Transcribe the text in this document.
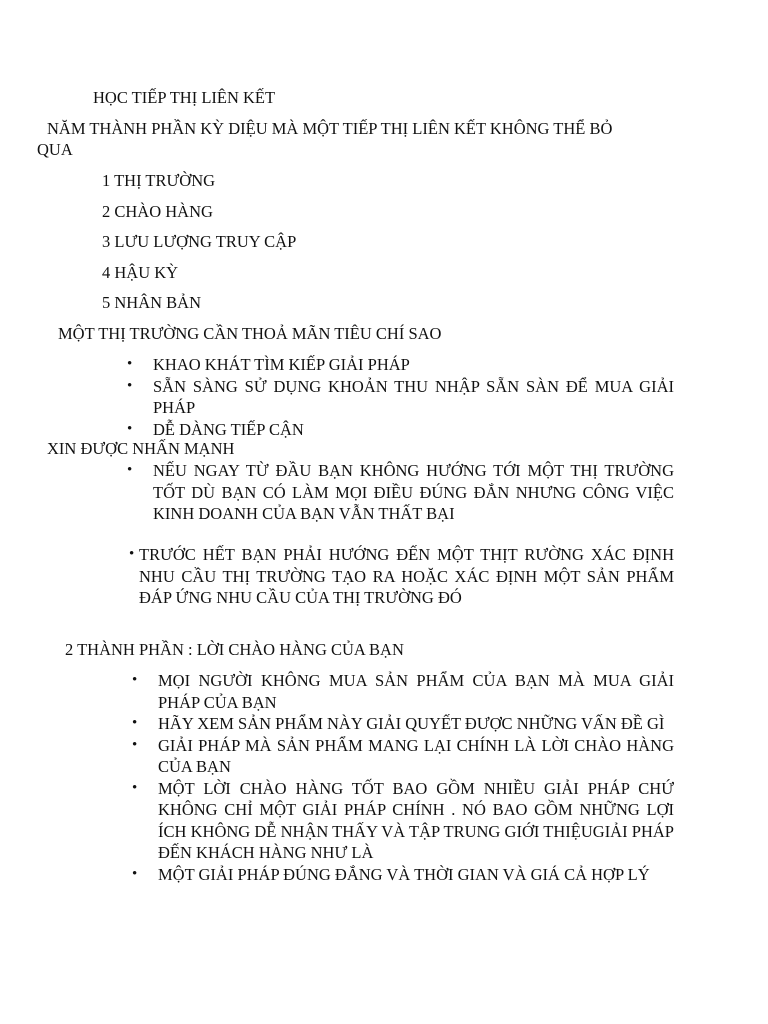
HỌC TIẾP THỊ LIÊN KẾT
NĂM THÀNH PHẦN KỲ DIỆU MÀ MỘT TIẾP THỊ LIÊN KẾT KHÔNG THỂ BỎ
QUA
1 THỊ TRƯỜNG
2 CHÀO HÀNG
3 LƯU LƯỢNG TRUY CẬP
4 HẬU KỲ
5 NHÂN BẢN
MỘT THỊ TRƯỜNG CẦN THOẢ MÃN TIÊU CHÍ SAO
• KHAO KHÁT TÌM KIẾP GIẢI PHÁP
• SẴN SÀNG SỬ DỤNG KHOẢN THU NHẬP SẴN SÀN ĐỂ MUA GIẢI PHÁP
• DỄ DÀNG TIẾP CẬN
XIN ĐƯỢC NHẤN MẠNH
• NẾU NGAY TỪ ĐẦU BẠN KHÔNG HƯỚNG TỚI MỘT THỊ TRƯỜNG TỐT DÙ BẠN CÓ LÀM MỌI ĐIỀU ĐÚNG ĐẮN NHƯNG CÔNG VIỆC KINH DOANH CỦA BẠN VẪN THẤT BẠI
• TRƯỚC HẾT BẠN PHẢI HƯỚNG ĐẾN MỘT THỊT RƯỜNG XÁC ĐỊNH NHU CẦU THỊ TRƯỜNG TẠO RA HOẶC XÁC ĐỊNH MỘT SẢN PHẨM ĐÁP ỨNG NHU CẦU CỦA THỊ TRƯỜNG ĐÓ
2 THÀNH PHẦN : LỜI CHÀO HÀNG CỦA BẠN
• MỌI NGƯỜI KHÔNG MUA SẢN PHẨM CỦA BẠN MÀ MUA GIẢI PHÁP CỦA BẠN
• HÃY XEM SẢN PHẨM NÀY GIẢI QUYẾT ĐƯỢC NHỮNG VẤN ĐỀ GÌ
• GIẢI PHÁP MÀ SẢN PHẨM MANG LẠI CHÍNH LÀ LỜI CHÀO HÀNG CỦA BẠN
• MỘT LỜI CHÀO HÀNG TỐT BAO GỒM NHIỀU GIẢI PHÁP CHỨ KHÔNG CHỈ MỘT GIẢI PHÁP CHÍNH . NÓ BAO GỒM NHỮNG LỢI ÍCH KHÔNG DỄ NHẬN THẤY VÀ TẬP TRUNG GIỚI THIỆUGIẢI PHÁP ĐẾN KHÁCH HÀNG NHƯ LÀ
• MỘT GIẢI PHÁP ĐÚNG ĐẮNG VÀ THỜI GIAN VÀ GIÁ CẢ HỢP LÝ
